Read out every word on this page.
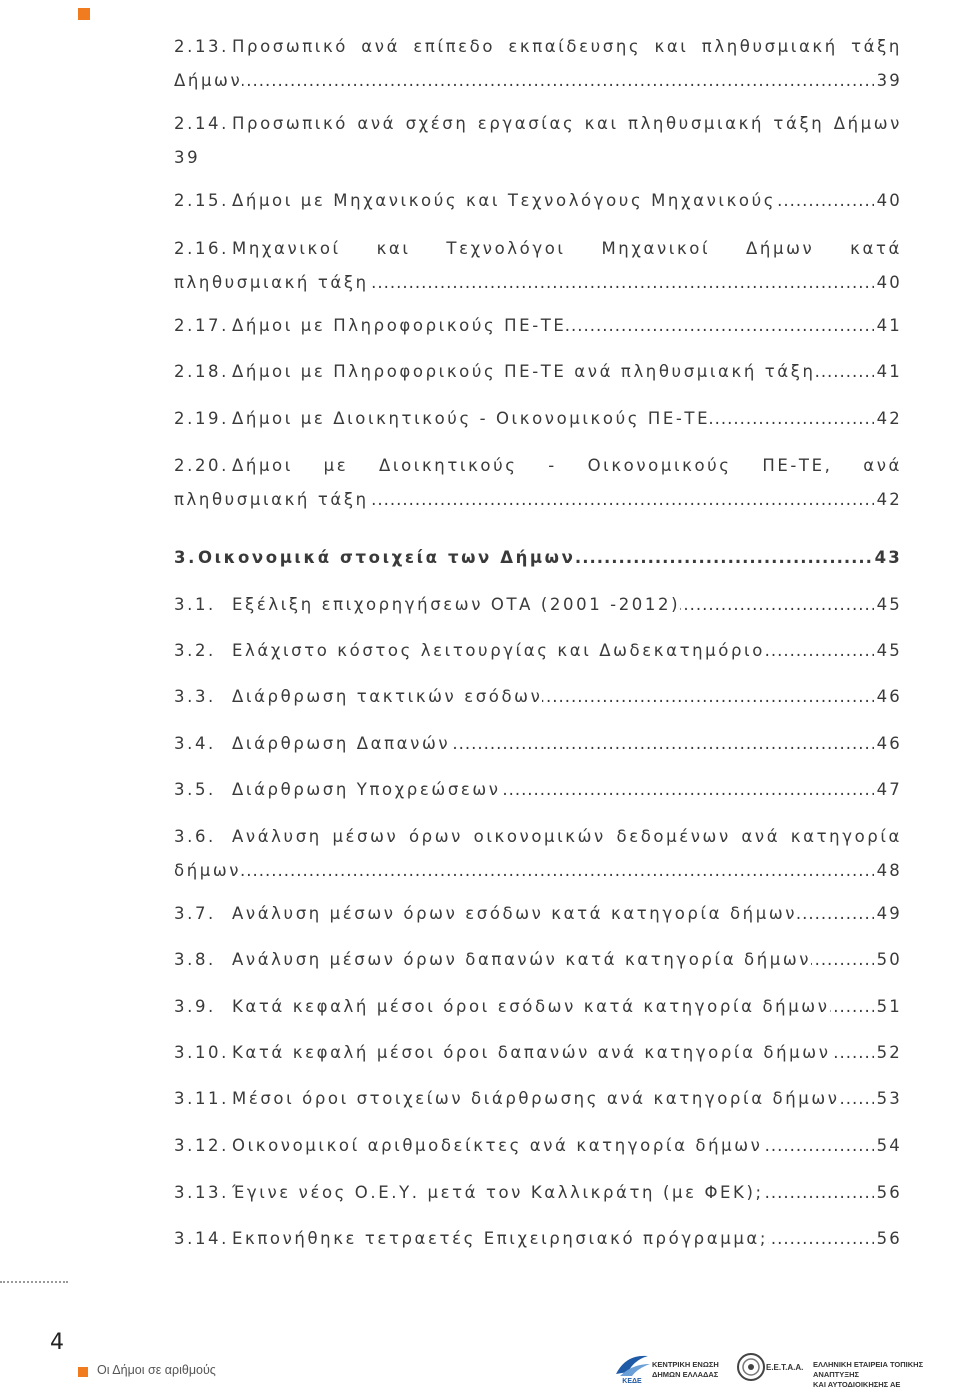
2.13. Προσωπικό ανά επίπεδο εκπαίδευσης και πληθυσμιακή τάξη
Δήμων	39
.....
2.14. Προσωπικό ανά σχέση εργασίας και πληθυσμιακή τάξη Δήμων
39
2.15. Δήμοι με Μηχανικούς και Τεχνολόγους Μηχανικούς	40
.....
2.16. Μηχανικοί και Τεχνολόγοι Μηχανικοί Δήμων κατά
πληθυσμιακή τάξη	40
.....
2.17. Δήμοι με Πληροφορικούς ΠΕ-ΤΕ	41
.....
2.18. Δήμοι με Πληροφορικούς ΠΕ-ΤΕ ανά πληθυσμιακή τάξη	41
.....
2.19. Δήμοι με Διοικητικούς - Οικονομικούς ΠΕ-ΤΕ	42
.....
2.20. Δήμοι με Διοικητικούς - Οικονομικούς ΠΕ-ΤΕ, ανά
πληθυσμιακή τάξη	42
.....
3.Οικονομικά στοιχεία των Δήμων	43
.....
3.1. Εξέλιξη επιχορηγήσεων ΟΤΑ (2001 -2012)	45
.....
3.2. Ελάχιστο κόστος λειτουργίας και Δωδεκατημόριο	45
.....
3.3. Διάρθρωση τακτικών εσόδων	46
.....
3.4. Διάρθρωση Δαπανών	46
.....
3.5. Διάρθρωση Υποχρεώσεων	47
.....
3.6. Ανάλυση μέσων όρων οικονομικών δεδομένων ανά κατηγορία
δήμων	48
.....
3.7. Ανάλυση μέσων όρων εσόδων κατά κατηγορία δήμων	49
.....
3.8. Ανάλυση μέσων όρων δαπανών κατά κατηγορία δήμων	50
.....
3.9. Κατά κεφαλή μέσοι όροι εσόδων κατά κατηγορία δήμων	51
.....
3.10. Κατά κεφαλή μέσοι όροι δαπανών ανά κατηγορία δήμων	52
.....
3.11. Μέσοι όροι στοιχείων διάρθρωσης ανά κατηγορία δήμων 53
.....
3.12. Οικονομικοί αριθμοδείκτες ανά κατηγορία δήμων	54
.....
3.13. Έγινε νέος Ο.Ε.Υ. μετά τον Καλλικράτη (με ΦΕΚ);	56
.....
3.14. Εκπονήθηκε τετραετές Επιχειρησιακό πρόγραμμα;	56
.....
4
Οι Δήμοι σε αριθμούς
ΚΕΔΕ
ΚΕΝΤΡΙΚΗ ΕΝΩΣΗ
ΔΗΜΩΝ ΕΛΛΑΔΑΣ
Ε.Ε.Τ.Α.Α. ΕΛΛΗΝΙΚΗ ΕΤΑΙΡΕΙΑ ΤΟΠΙΚΗΣ ΑΝΑΠΤΥΞΗΣ
ΚΑΙ ΑΥΤΟΔΙΟΙΚΗΣΗΣ ΑΕ
